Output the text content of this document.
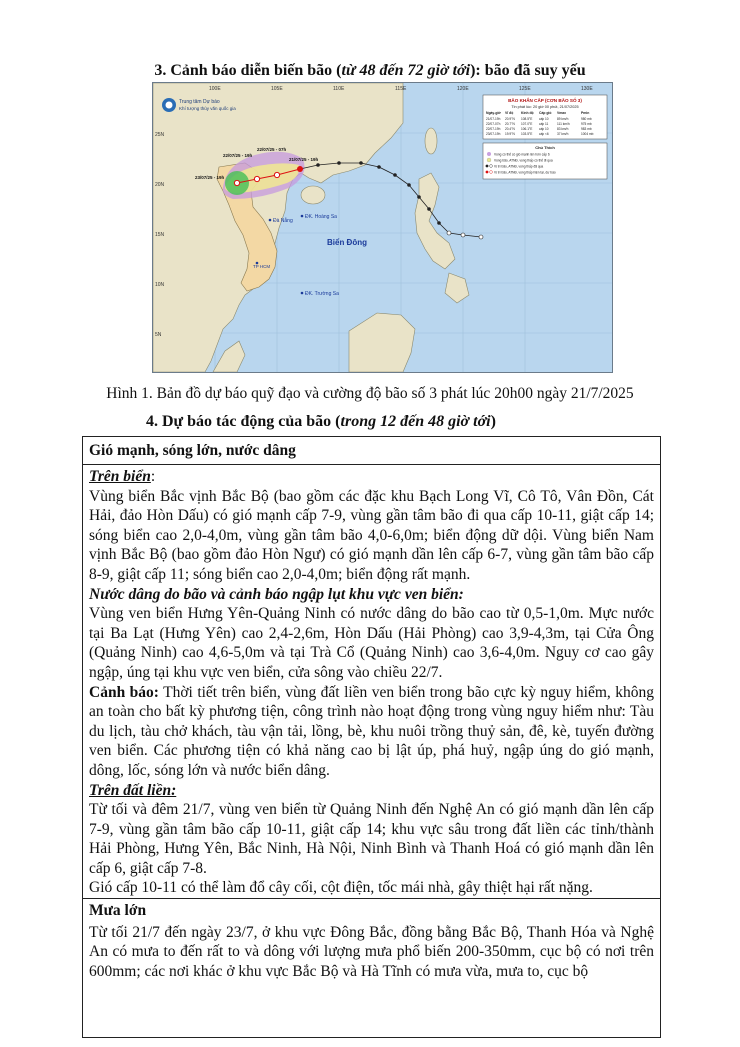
3. Cảnh báo diễn biến bão (từ 48 đến 72 giờ tới): bão đã suy yếu
100E	105E	110E	115E	120E	125E	130E
25N
20N
15N
10N
5N
Trung tâm Dự báo
Khí tượng thủy văn quốc gia
BÃO KHẨN CẤP (CƠN BÃO SỐ 3)
Tin phát lúc: 20 giờ 00 phút, 21/07/2025
Ngày-giờ Vĩ độ Kinh độ Cấp gió Vmax	Pmin
21/07-19h 20.9°N 108.5°E cấp 10	89 km/h	980 mb
22/07-07h 20.7°N 107.0°E cấp 11	111 km/h	975 mb
22/07-19h 20.4°N 106.1°E cấp 10	83 km/h	983 mb
23/07-19h 19.9°N 103.5°E cấp <6	37 km/h	1004 mb
Chú Thích
Vùng có thể có gió mạnh lên hơn cấp 6
Vùng bão, ATNĐ, vùng thấp có thể đi qua
Vị trí bão, ATNĐ, vùng thấp đã qua
Vị trí bão, ATNĐ, vùng thấp hiện tại, dự báo
22/07/25 - 07h
21/07/25 - 19h
22/07/25 - 19h
23/07/25 - 19h
Đà Nẵng
ĐK. Hoàng Sa
ĐK. Trường Sa
TP HCM
Biển Đông
Hình 1. Bản đồ dự báo quỹ đạo và cường độ bão số 3 phát lúc 20h00 ngày 21/7/2025
4. Dự báo tác động của bão (trong 12 đến 48 giờ tới)
Gió mạnh, sóng lớn, nước dâng

Trên biển:

Vùng biển Bắc vịnh Bắc Bộ (bao gồm các đặc khu Bạch Long Vĩ, Cô Tô, Vân Đồn, Cát Hải, đảo Hòn Dấu) có gió mạnh cấp 7-9, vùng gần tâm bão đi qua cấp 10-11, giật cấp 14; sóng biển cao 2,0-4,0m, vùng gần tâm bão 4,0-6,0m; biển động dữ dội. Vùng biển Nam vịnh Bắc Bộ (bao gồm đảo Hòn Ngư) có gió mạnh dần lên cấp 6-7, vùng gần tâm bão cấp 8-9, giật cấp 11; sóng biển cao 2,0-4,0m; biển động rất mạnh.

Nước dâng do bão và cảnh báo ngập lụt khu vực ven biển:

Vùng ven biển Hưng Yên-Quảng Ninh có nước dâng do bão cao từ 0,5-1,0m. Mực nước tại Ba Lạt (Hưng Yên) cao 2,4-2,6m, Hòn Dấu (Hải Phòng) cao 3,9-4,3m, tại Cửa Ông (Quảng Ninh) cao 4,6-5,0m và tại Trà Cổ (Quảng Ninh) cao 3,6-4,0m. Nguy cơ cao gây ngập, úng tại khu vực ven biển, cửa sông vào chiều 22/7.

Cảnh báo: Thời tiết trên biển, vùng đất liền ven biển trong bão cực kỳ nguy hiểm, không an toàn cho bất kỳ phương tiện, công trình nào hoạt động trong vùng nguy hiểm như: Tàu du lịch, tàu chở khách, tàu vận tải, lồng, bè, khu nuôi trồng thuỷ sản, đê, kè, tuyến đường ven biển. Các phương tiện có khả năng cao bị lật úp, phá huỷ, ngập úng do gió mạnh, dông, lốc, sóng lớn và nước biển dâng.

Trên đất liền:

Từ tối và đêm 21/7, vùng ven biển từ Quảng Ninh đến Nghệ An có gió mạnh dần lên cấp 7-9, vùng gần tâm bão cấp 10-11, giật cấp 14; khu vực sâu trong đất liền các tỉnh/thành Hải Phòng, Hưng Yên, Bắc Ninh, Hà Nội, Ninh Bình và Thanh Hoá có gió mạnh dần lên cấp 6, giật cấp 7-8.

Gió cấp 10-11 có thể làm đổ cây cối, cột điện, tốc mái nhà, gây thiệt hại rất nặng.

Mưa lớn

Từ tối 21/7 đến ngày 23/7, ở khu vực Đông Bắc, đồng bằng Bắc Bộ, Thanh Hóa và Nghệ An có mưa to đến rất to và dông với lượng mưa phổ biến 200-350mm, cục bộ có nơi trên 600mm; các nơi khác ở khu vực Bắc Bộ và Hà Tĩnh có mưa vừa, mưa to, cục bộ
